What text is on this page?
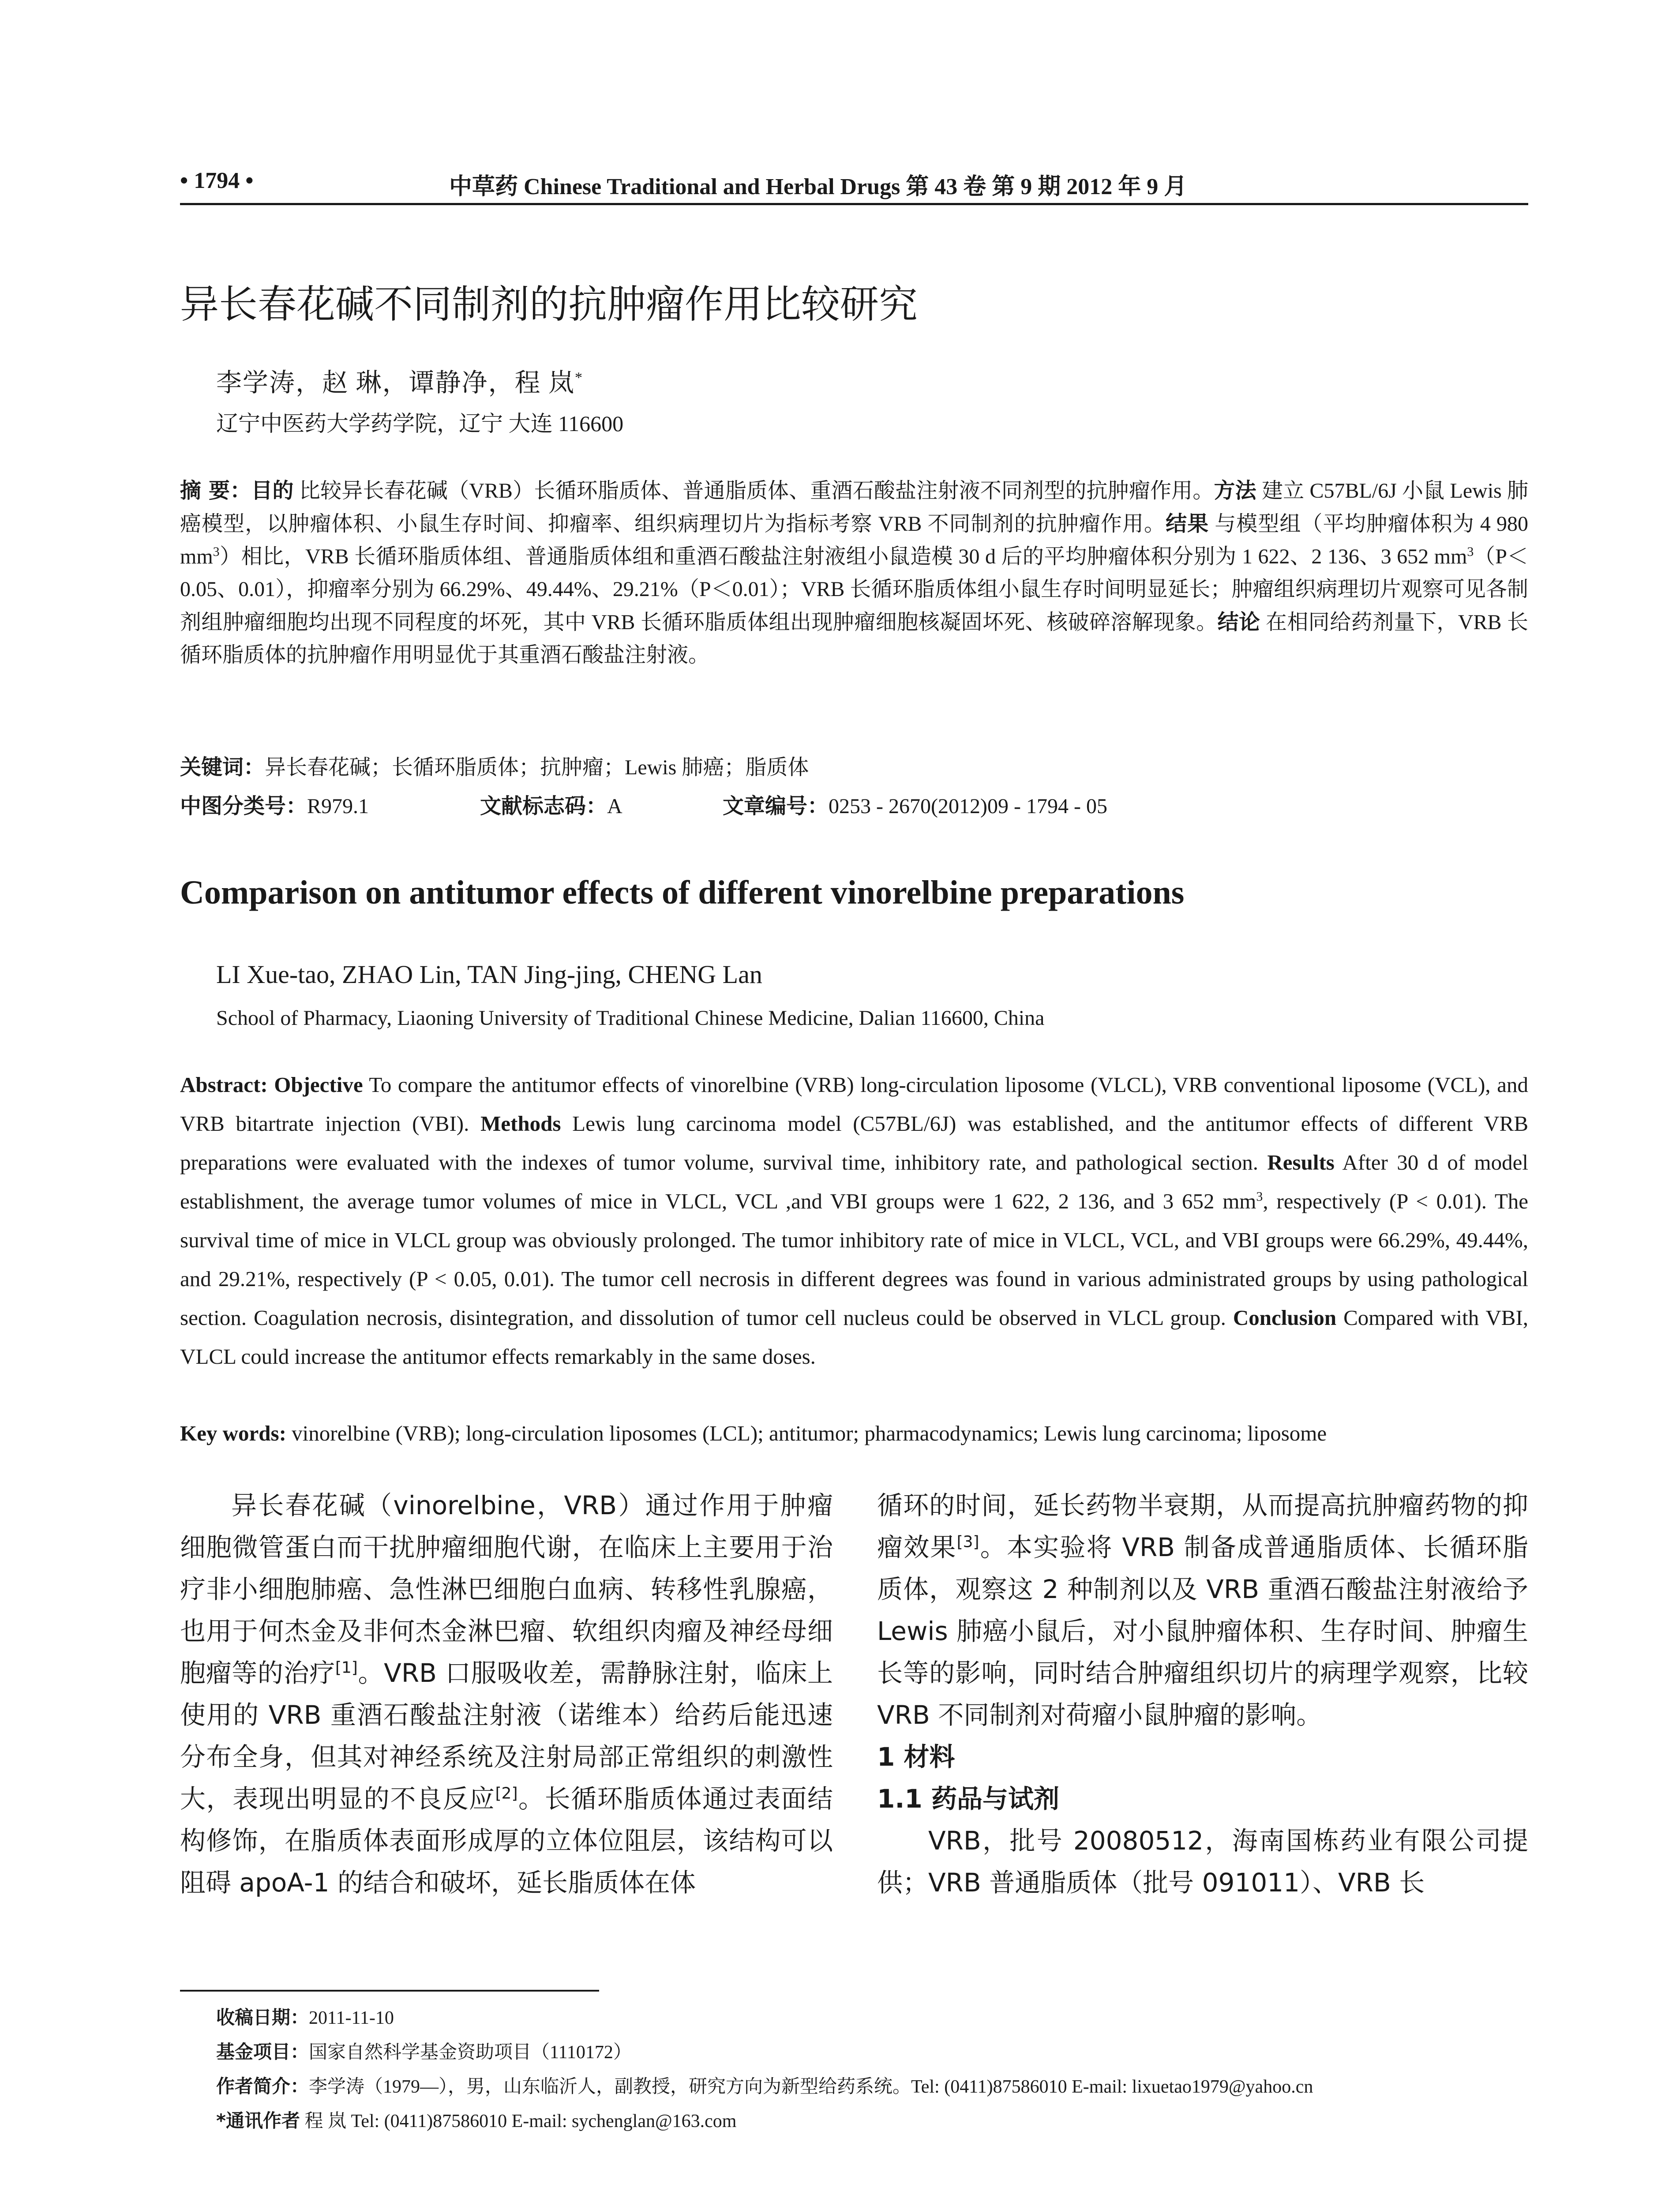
• 1794 •	中草药 Chinese Traditional and Herbal Drugs 第 43 卷 第 9 期 2012 年 9 月
异长春花碱不同制剂的抗肿瘤作用比较研究
李学涛，赵 琳，谭静净，程 岚*
辽宁中医药大学药学院，辽宁 大连 116600
摘 要：目的 比较异长春花碱（VRB）长循环脂质体、普通脂质体、重酒石酸盐注射液不同剂型的抗肿瘤作用。方法 建立 C57BL/6J 小鼠 Lewis 肺癌模型，以肿瘤体积、小鼠生存时间、抑瘤率、组织病理切片为指标考察 VRB 不同制剂的抗肿瘤作用。结果 与模型组（平均肿瘤体积为 4 980 $mm^3$）相比，VRB 长循环脂质体组、普通脂质体组和重酒石酸盐注射液组小鼠造模 30 d 后的平均肿瘤体积分别为 1 622、2 136、3 652 $mm^3(P<0.05$、0.01），抑瘤率分别为 66.29%、49.44%、29.21%（P＜0.01）；VRB 长循环脂质体组小鼠生存时间明显延长；肿瘤组织病理切片观察可见各制剂组肿瘤细胞均出现不同程度的坏死，其中 VRB 长循环脂质体组出现肿瘤细胞核凝固坏死、核破碎溶解现象。结论 在相同给药剂量下，VRB 长循环脂质体的抗肿瘤作用明显优于其重酒石酸盐注射液。
关键词：异长春花碱；长循环脂质体；抗肿瘤；Lewis 肺癌；脂质体
中图分类号：R979.1	文献标志码：A	文章编号：0253 - 2670(2012)09 - 1794 - 05
Comparison on antitumor effects of different vinorelbine preparations
LI Xue-tao, ZHAO Lin, TAN Jing-jing, CHENG Lan
School of Pharmacy, Liaoning University of Traditional Chinese Medicine, Dalian 116600, China
Abstract: Objective To compare the antitumor effects of vinorelbine (VRB) long-circulation liposome (VLCL), VRB conventional liposome (VCL), and VRB bitartrate injection (VBI). Methods Lewis lung carcinoma model (C57BL/6J) was established, and the antitumor effects of different VRB preparations were evaluated with the indexes of tumor volume, survival time, inhibitory rate, and pathological section. Results After 30 d of model establishment, the average tumor volumes of mice in VLCL, VCL ,and VBI groups were 1 622, 2 136, and 3 652 $mm^3$, respectively (P < 0.01). The survival time of mice in VLCL group was obviously prolonged. The tumor inhibitory rate of mice in VLCL, VCL, and VBI groups were 66.29%, 49.44%, and 29.21%, respectively (P < 0.05, 0.01). The tumor cell necrosis in different degrees was found in various administrated groups by using pathological section. Coagulation necrosis, disintegration, and dissolution of tumor cell nucleus could be observed in VLCL group. Conclusion Compared with VBI, VLCL could increase the antitumor effects remarkably in the same doses.
Key words: vinorelbine (VRB); long-circulation liposomes (LCL); antitumor; pharmacodynamics; Lewis lung carcinoma; liposome

异长春花碱（vinorelbine，VRB）通过作用于肿瘤细胞微管蛋白而干扰肿瘤细胞代谢，在临床上主要用于治疗非小细胞肺癌、急性淋巴细胞白血病、转移性乳腺癌，也用于何杰金及非何杰金淋巴瘤、软组织肉瘤及神经母细胞瘤等的治疗[1]。VRB 口服吸收差，需静脉注射，临床上使用的 VRB 重酒石酸盐注射液（诺维本）给药后能迅速分布全身，但其对神经系统及注射局部正常组织的刺激性大，表现出明显的不良反应[2]。长循环脂质体通过表面结构修饰，在脂质体表面形成厚的立体位阻层，该结构可以阻碍 apoA-1 的结合和破坏，延长脂质体在体

循环的时间，延长药物半衰期，从而提高抗肿瘤药物的抑瘤效果[3]。本实验将 VRB 制备成普通脂质体、长循环脂质体，观察这 2 种制剂以及 VRB 重酒石酸盐注射液给予 Lewis 肺癌小鼠后，对小鼠肿瘤体积、生存时间、肿瘤生长等的影响，同时结合肿瘤组织切片的病理学观察，比较 VRB 不同制剂对荷瘤小鼠肿瘤的影响。

1 材料
1.1 药品与试剂

VRB，批号 20080512，海南国栋药业有限公司提供；VRB 普通脂质体（批号 091011）、VRB 长

收稿日期：2011-11-10
基金项目：国家自然科学基金资助项目（1110172）
作者简介：李学涛（1979—），男，山东临沂人，副教授，研究方向为新型给药系统。Tel: (0411)87586010 E-mail: lixuetao1979@yahoo.cn
*通讯作者 程 岚 Tel: (0411)87586010 E-mail: sychenglan@163.com
